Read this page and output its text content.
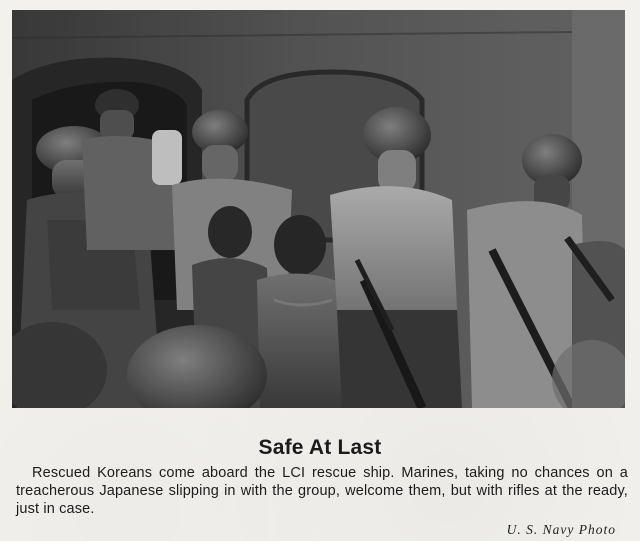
Safe At Last
Rescued Koreans come aboard the LCI rescue ship. Marines, taking no chances on a treacherous Japanese slipping in with the group, welcome them, but with rifles at the ready, just in case.
U. S. Navy Photo
